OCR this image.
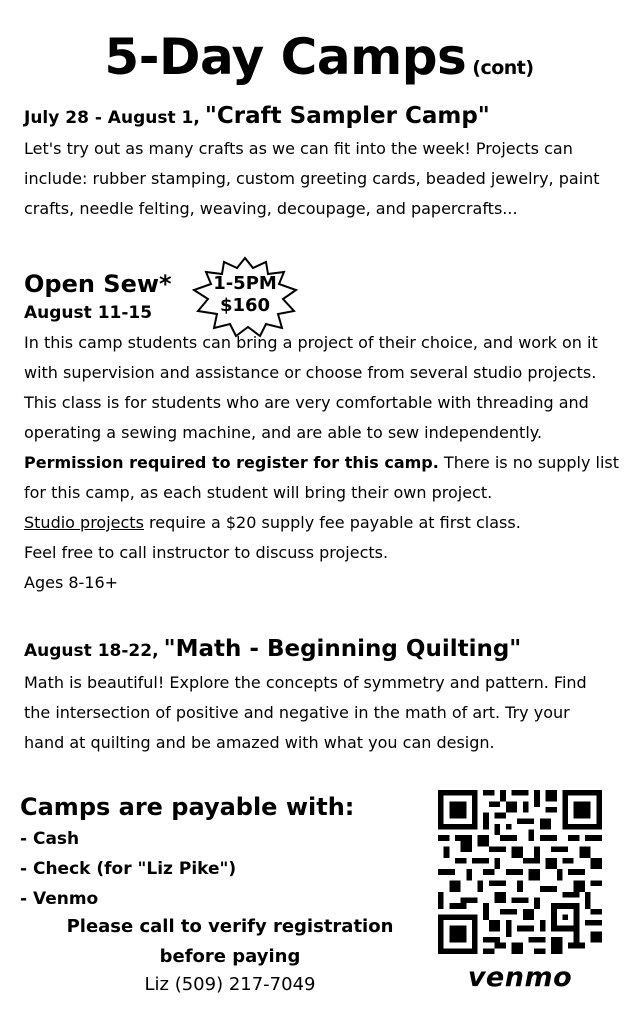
5-Day Camps (cont)
July 28 - August 1, "Craft Sampler Camp"
Let's try out as many crafts as we can fit into the week! Projects can
include: rubber stamping, custom greeting cards, beaded jewelry, paint
crafts, needle felting, weaving, decoupage, and papercrafts...
Open Sew*
August 11-15
In this camp students can bring a project of their choice, and work on it
with supervision and assistance or choose from several studio projects.
This class is for students who are very comfortable with threading and
operating a sewing machine, and are able to sew independently.
Permission required to register for this camp. There is no supply list
for this camp, as each student will bring their own project.
Studio projects require a $20 supply fee payable at first class.
Feel free to call instructor to discuss projects.
Ages 8-16+
1-5PM
$160
August 18-22, "Math - Beginning Quilting"
Math is beautiful! Explore the concepts of symmetry and pattern. Find
the intersection of positive and negative in the math of art. Try your
hand at quilting and be amazed with what you can design.
Camps are payable with:
- Cash
- Check (for "Liz Pike")
- Venmo
Please call to verify registration
before paying
Liz (509) 217-7049	venmo
